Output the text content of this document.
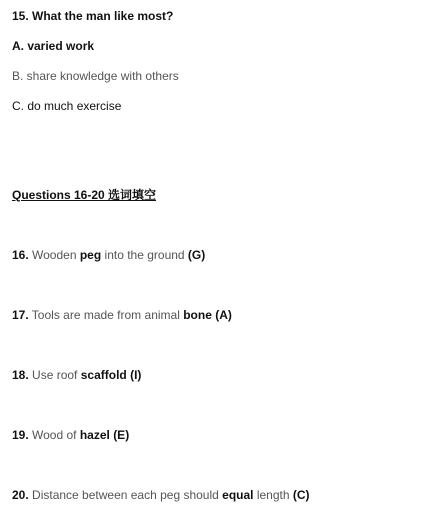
15. What the man like most?
A. varied work
B. share knowledge with others
C. do much exercise
Questions 16-20 选词填空
16. Wooden peg into the ground (G)
17. Tools are made from animal bone (A)
18. Use roof scaffold (I)
19. Wood of hazel (E)
20. Distance between each peg should equal length (C)
